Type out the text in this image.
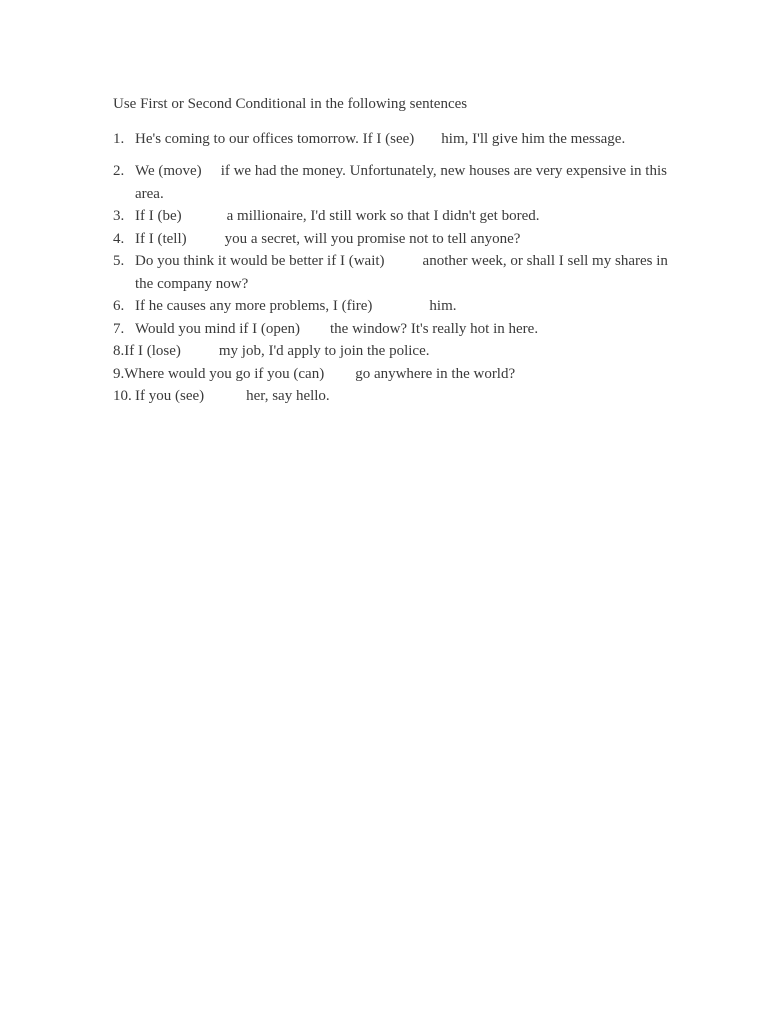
Use First or Second Conditional in the following sentences
1. He's coming to our offices tomorrow. If I (see) him, I'll give him the message.
2. We (move) if we had the money. Unfortunately, new houses are very expensive in this area.
3. If I (be)	a millionaire, I'd still work so that I didn't get bored.
4. If I (tell)	you a secret, will you promise not to tell anyone?
5. Do you think it would be better if I (wait)	another week, or shall I sell my shares in the company now?
6. If he causes any more problems, I (fire)	him.
7. Would you mind if I (open) the window? It's really hot in here.
8.If I (lose)	my job, I'd apply to join the police.
9.Where would you go if you (can) go anywhere in the world?
10. If you (see)	her, say hello.
